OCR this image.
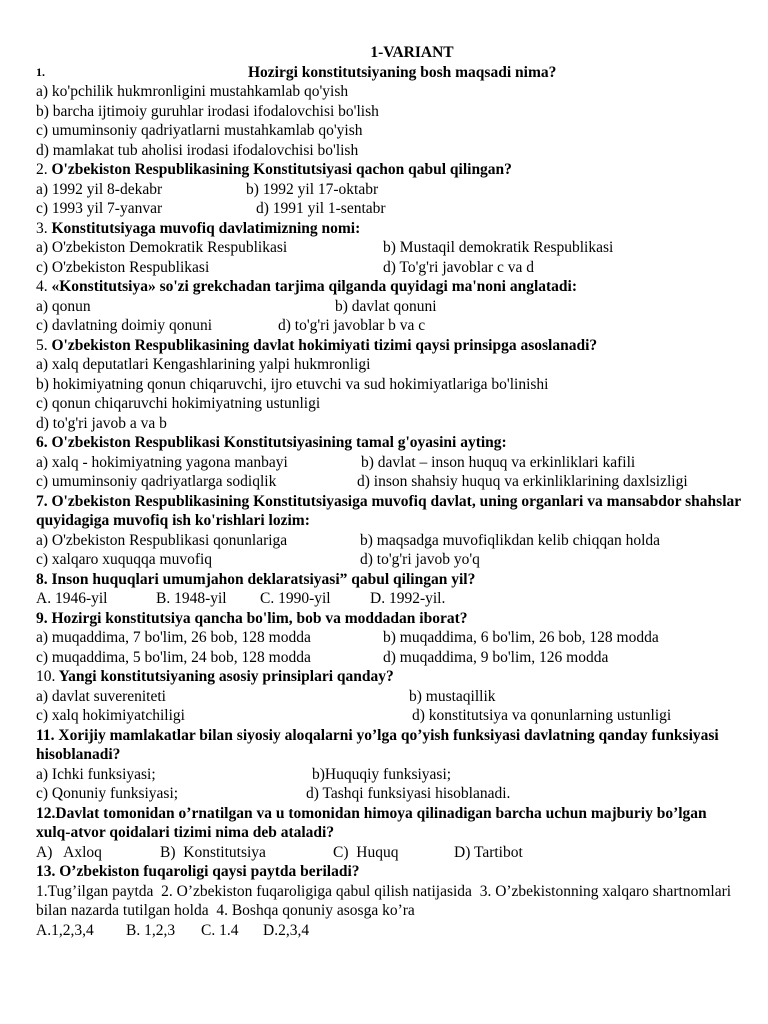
1-VARIANT
1.	Hozirgi konstitutsiyaning bosh maqsadi nima?
a) ko'pchilik hukmronligini mustahkamlab qo'yish
b) barcha ijtimoiy guruhlar irodasi ifodalovchisi bo'lish
c) umuminsoniy qadriyatlarni mustahkamlab qo'yish
d) mamlakat tub aholisi irodasi ifodalovchisi bo'lish
2. O'zbekiston Respublikasining Konstitutsiyasi qachon qabul qilingan?
a) 1992 yil 8-dekabr	b) 1992 yil 17-oktabr
c) 1993 yil 7-yanvar	d) 1991 yil 1-sentabr
3. Konstitutsiyaga muvofiq davlatimizning nomi:
a) O'zbekiston Demokratik Respublikasi	b) Mustaqil demokratik Respublikasi
c) O'zbekiston Respublikasi	d) To'g'ri javoblar c va d
4. «Konstitutsiya» so'zi grekchadan tarjima qilganda quyidagi ma'noni anglatadi:
a) qonun	b) davlat qonuni
c) davlatning doimiy qonuni	d) to'g'ri javoblar b va c
5. O'zbekiston Respublikasining davlat hokimiyati tizimi qaysi prinsipga asoslanadi?
a) xalq deputatlari Kengashlarining yalpi hukmronligi
b) hokimiyatning qonun chiqaruvchi, ijro etuvchi va sud hokimiyatlariga bo'linishi
c) qonun chiqaruvchi hokimiyatning ustunligi
d) to'g'ri javob a va b
6. O'zbekiston Respublikasi Konstitutsiyasining tamal g'oyasini ayting:
a) xalq - hokimiyatning yagona manbayi	b) davlat – inson huquq va erkinliklari kafili
c) umuminsoniy qadriyatlarga sodiqlik	d) inson shahsiy huquq va erkinliklarining daxlsizligi
7. O'zbekiston Respublikasining Konstitutsiyasiga muvofiq davlat, uning organlari va mansabdor shahslar quyidagiga muvofiq ish ko'rishlari lozim:
a) O'zbekiston Respublikasi qonunlariga	b) maqsadga muvofiqlikdan kelib chiqqan holda
c) xalqaro xuquqqa muvofiq	d) to'g'ri javob yo'q
8. Inson huquqlari umumjahon deklaratsiyasi” qabul qilingan yil?
A. 1946-yil	B. 1948-yil C. 1990-yil	D. 1992-yil.
9. Hozirgi konstitutsiya qancha bo'lim, bob va moddadan iborat?
a) muqaddima, 7 bo'lim, 26 bob, 128 modda	b) muqaddima, 6 bo'lim, 26 bob, 128 modda
c) muqaddima, 5 bo'lim, 24 bob, 128 modda	d) muqaddima, 9 bo'lim, 126 modda
10. Yangi konstitutsiyaning asosiy prinsiplari qanday?
a) davlat suvereniteti	b) mustaqillik
c) xalq hokimiyatchiligi	d) konstitutsiya va qonunlarning ustunligi
11. Xorijiy mamlakatlar bilan siyosiy aloqalarni yo’lga qo’yish funksiyasi davlatning qanday funksiyasi hisoblanadi?
a) Ichki funksiyasi;	b)Huquqiy funksiyasi;
c) Qonuniy funksiyasi;	d) Tashqi funksiyasi hisoblanadi.
12.Davlat tomonidan o’rnatilgan va u tomonidan himoya qilinadigan barcha uchun majburiy bo’lgan xulq-atvor qoidalari tizimi nima deb ataladi?
A)   Axloq	B)  Konstitutsiya	C)  Huquq	D) Tartibot
13. O’zbekiston fuqaroligi qaysi paytda beriladi?
1.Tug’ilgan paytda  2. O’zbekiston fuqaroligiga qabul qilish natijasida  3. O’zbekistonning xalqaro shartnomlari bilan nazarda tutilgan holda  4. Boshqa qonuniy asosga ko’ra
A.1,2,3,4 B. 1,2,3 C. 1.4 D.2,3,4
